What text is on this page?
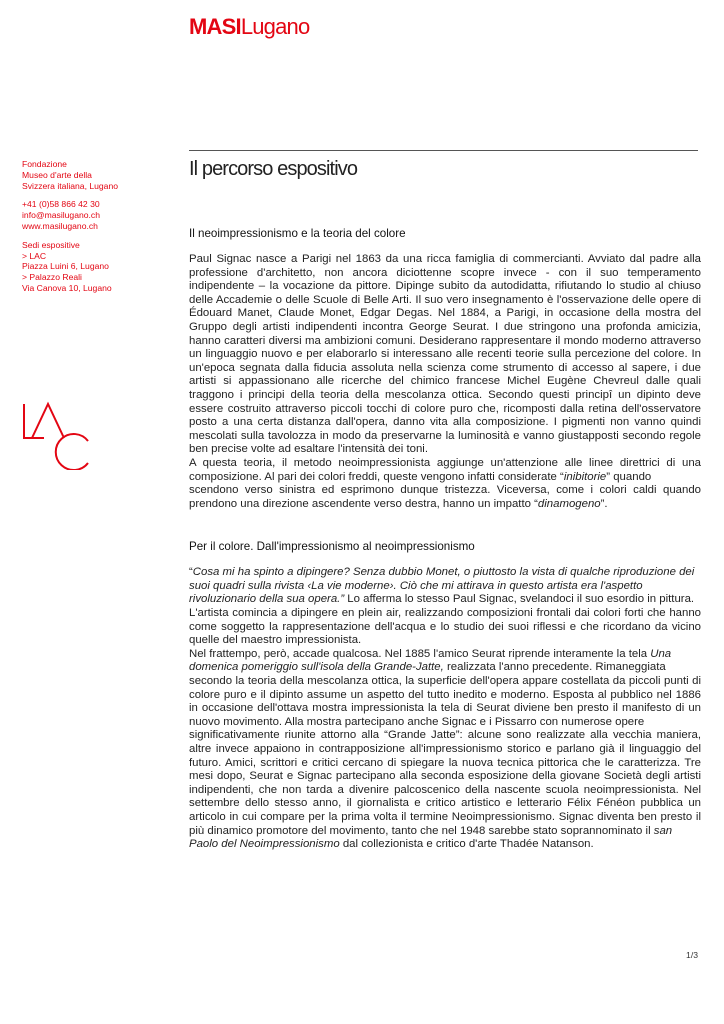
MASILugano
Fondazione
Museo d'arte della
Svizzera italiana, Lugano
+41 (0)58 866 42 30
info@masilugano.ch
www.masilugano.ch
Sedi espositive
> LAC
Piazza Luini 6, Lugano
> Palazzo Reali
Via Canova 10, Lugano
Il percorso espositivo
Il neoimpressionismo e la teoria del colore

Paul Signac nasce a Parigi nel 1863 da una ricca famiglia di commercianti. Avviato dal padre alla
professione d'architetto, non ancora diciottenne scopre invece - con il suo temperamento
indipendente – la vocazione da pittore. Dipinge subito da autodidatta, rifiutando lo studio al chiuso
delle Accademie o delle Scuole di Belle Arti. Il suo vero insegnamento è l'osservazione delle opere di
Édouard Manet, Claude Monet, Edgar Degas. Nel 1884, a Parigi, in occasione della mostra del
Gruppo degli artisti indipendenti incontra George Seurat. I due stringono una profonda amicizia,
hanno caratteri diversi ma ambizioni comuni. Desiderano rappresentare il mondo moderno attraverso
un linguaggio nuovo e per elaborarlo si interessano alle recenti teorie sulla percezione del colore. In
un'epoca segnata dalla fiducia assoluta nella scienza come strumento di accesso al sapere, i due
artisti si appassionano alle ricerche del chimico francese Michel Eugène Chevreul dalle quali
traggono i principi della teoria della mescolanza ottica. Secondo questi principî un dipinto deve
essere costruito attraverso piccoli tocchi di colore puro che, ricomposti dalla retina dell'osservatore
posto a una certa distanza dall'opera, danno vita alla composizione. I pigmenti non vanno quindi
mescolati sulla tavolozza in modo da preservarne la luminosità e vanno giustapposti secondo regole
ben precise volte ad esaltare l'intensità dei toni.
A questa teoria, il metodo neoimpressionista aggiunge un'attenzione alle linee direttrici di una
composizione. Al pari dei colori freddi, queste vengono infatti considerate “inibitorie” quando
scendono verso sinistra ed esprimono dunque tristezza. Viceversa, come i colori caldi quando
prendono una direzione ascendente verso destra, hanno un impatto “dinamogeno”.

Per il colore. Dall'impressionismo al neoimpressionismo

“Cosa mi ha spinto a dipingere? Senza dubbio Monet, o piuttosto la vista di qualche riproduzione dei
suoi quadri sulla rivista ‹La vie moderne›. Ciò che mi attirava in questo artista era l'aspetto
rivoluzionario della sua opera.” Lo afferma lo stesso Paul Signac, svelandoci il suo esordio in pittura.
L'artista comincia a dipingere en plein air, realizzando composizioni frontali dai colori forti che hanno
come soggetto la rappresentazione dell'acqua e lo studio dei suoi riflessi e che ricordano da vicino
quelle del maestro impressionista.
Nel frattempo, però, accade qualcosa. Nel 1885 l'amico Seurat riprende interamente la tela Una
domenica pomeriggio sull'isola della Grande-Jatte, realizzata l'anno precedente. Rimaneggiata
secondo la teoria della mescolanza ottica, la superficie dell'opera appare costellata da piccoli punti di
colore puro e il dipinto assume un aspetto del tutto inedito e moderno. Esposta al pubblico nel 1886
in occasione dell'ottava mostra impressionista la tela di Seurat diviene ben presto il manifesto di un
nuovo movimento. Alla mostra partecipano anche Signac e i Pissarro con numerose opere
significativamente riunite attorno alla “Grande Jatte”: alcune sono realizzate alla vecchia maniera,
altre invece appaiono in contrapposizione all'impressionismo storico e parlano già il linguaggio del
futuro. Amici, scrittori e critici cercano di spiegare la nuova tecnica pittorica che le caratterizza. Tre
mesi dopo, Seurat e Signac partecipano alla seconda esposizione della giovane Società degli artisti
indipendenti, che non tarda a divenire palcoscenico della nascente scuola neoimpressionista. Nel
settembre dello stesso anno, il giornalista e critico artistico e letterario Félix Fénéon pubblica un
articolo in cui compare per la prima volta il termine Neoimpressionismo. Signac diventa ben presto il
più dinamico promotore del movimento, tanto che nel 1948 sarebbe stato soprannominato il san
Paolo del Neoimpressionismo dal collezionista e critico d'arte Thadée Natanson.

1/3
